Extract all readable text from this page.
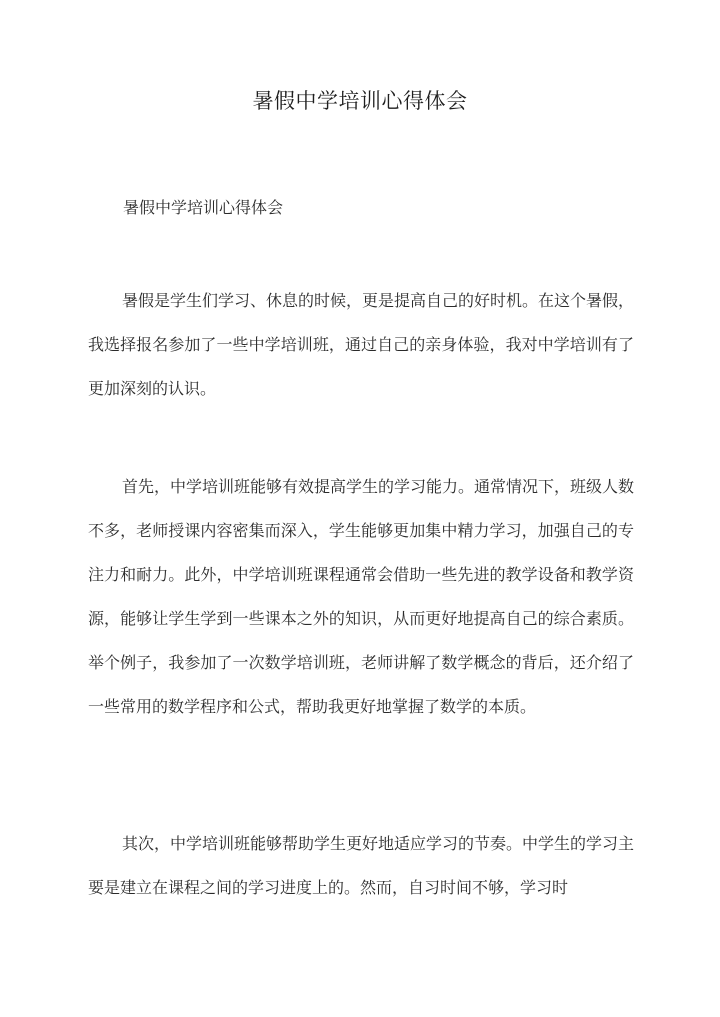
暑假中学培训心得体会
暑假中学培训心得体会

暑假是学生们学习、休息的时候，更是提高自己的好时机。在这个暑假，我选择报名参加了一些中学培训班，通过自己的亲身体验，我对中学培训有了更加深刻的认识。

首先，中学培训班能够有效提高学生的学习能力。通常情况下，班级人数不多，老师授课内容密集而深入，学生能够更加集中精力学习，加强自己的专注力和耐力。此外，中学培训班课程通常会借助一些先进的教学设备和教学资源，能够让学生学到一些课本之外的知识，从而更好地提高自己的综合素质。举个例子，我参加了一次数学培训班，老师讲解了数学概念的背后，还介绍了一些常用的数学程序和公式，帮助我更好地掌握了数学的本质。

其次，中学培训班能够帮助学生更好地适应学习的节奏。中学生的学习主要是建立在课程之间的学习进度上的。然而，自习时间不够，学习时
